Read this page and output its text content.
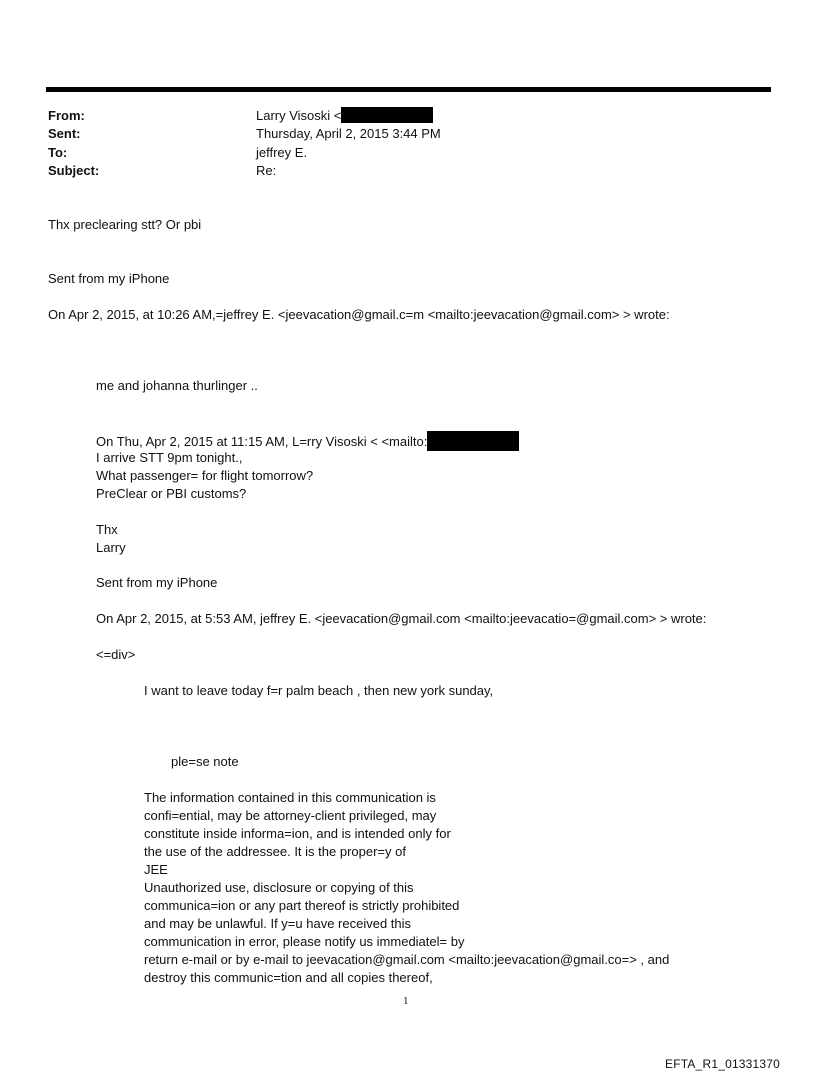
From:	Larry Visoski <
Sent:	Thursday, April 2, 2015 3:44 PM
To:	jeffrey E.
Subject:	Re:
Thx preclearing stt? Or pbi
Sent from my iPhone
On Apr 2, 2015, at 10:26 AM,=jeffrey E. <jeevacation@gmail.c=m <mailto:jeevacation@gmail.com> > wrote:
me and johanna thurlinger ..
On Thu, Apr 2, 2015 at 11:15 AM, L=rry Visoski < <mailto:
I arrive STT 9pm tonight.,
What passenger= for flight tomorrow?
PreClear or PBI customs?
Thx
Larry
Sent from my iPhone
On Apr 2, 2015, at 5:53 AM, jeffrey E. <jeevacation@gmail.com <mailto:jeevacatio=@gmail.com> > wrote:
<=div>
I want to leave today f=r palm beach , then new york sunday,
ple=se note
The information contained in this communication is
confi=ential, may be attorney-client privileged, may
constitute inside informa=ion, and is intended only for
the use of the addressee. It is the proper=y of
JEE
Unauthorized use, disclosure or copying of this
communica=ion or any part thereof is strictly prohibited
and may be unlawful. If y=u have received this
communication in error, please notify us immediatel= by
return e-mail or by e-mail to jeevacation@gmail.com <mailto:jeevacation@gmail.co=> , and
destroy this communic=tion and all copies thereof,
1
EFTA_R1_01331370
